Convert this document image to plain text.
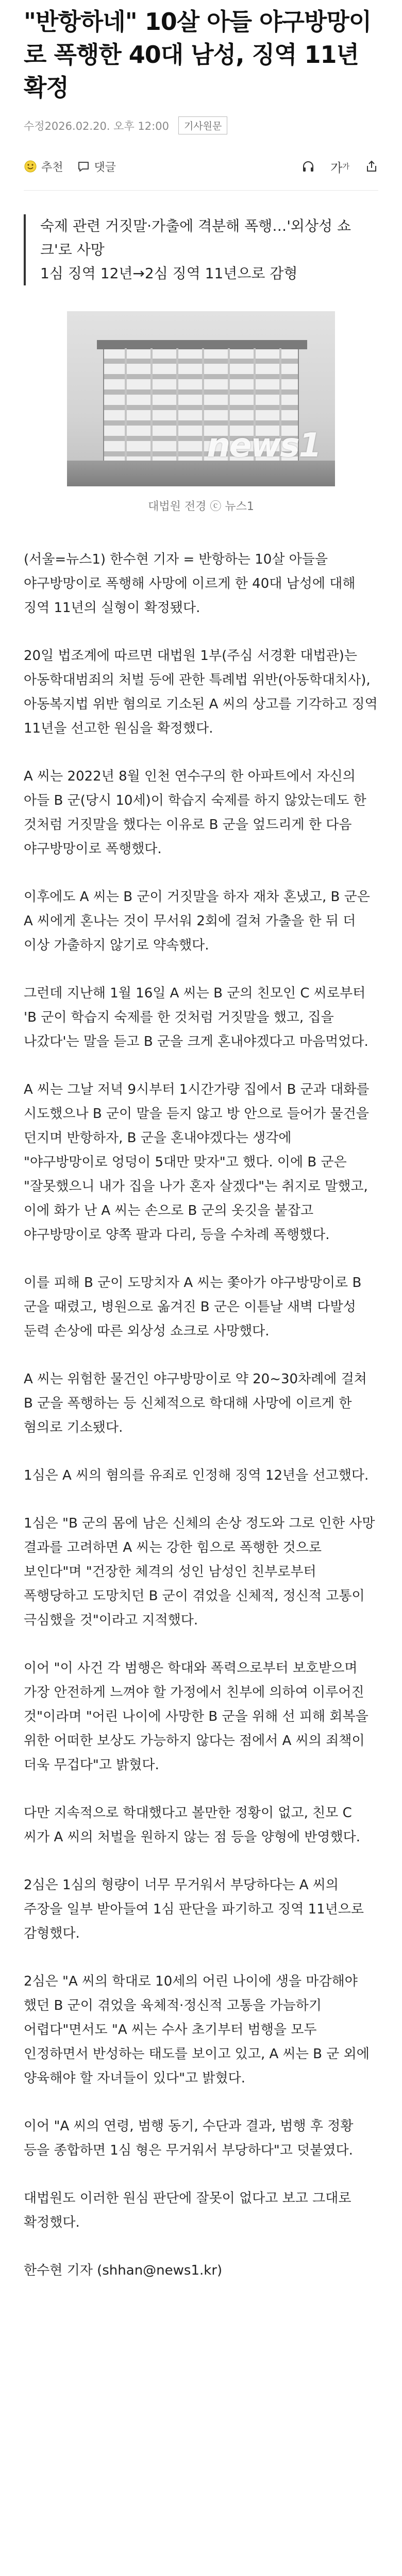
"반항하네" 10살 아들 야구방망이로 폭행한 40대 남성, 징역 11년 확정
수정2026.02.20. 오후 12:00	기사원문
추천	댓글	가 가

숙제 관련 거짓말·가출에 격분해 폭행…'외상성 쇼크'로 사망

1심 징역 12년→2심 징역 11년으로 감형

news1
대법원 전경 ⓒ 뉴스1

(서울=뉴스1) 한수현 기자 = 반항하는 10살 아들을 야구방망이로 폭행해 사망에 이르게 한 40대 남성에 대해 징역 11년의 실형이 확정됐다.

20일 법조계에 따르면 대법원 1부(주심 서경환 대법관)는 아동학대범죄의 처벌 등에 관한 특례법 위반(아동학대치사), 아동복지법 위반 혐의로 기소된 A 씨의 상고를 기각하고 징역 11년을 선고한 원심을 확정했다.

A 씨는 2022년 8월 인천 연수구의 한 아파트에서 자신의 아들 B 군(당시 10세)이 학습지 숙제를 하지 않았는데도 한 것처럼 거짓말을 했다는 이유로 B 군을 엎드리게 한 다음 야구방망이로 폭행했다.

이후에도 A 씨는 B 군이 거짓말을 하자 재차 혼냈고, B 군은 A 씨에게 혼나는 것이 무서워 2회에 걸쳐 가출을 한 뒤 더 이상 가출하지 않기로 약속했다.

그런데 지난해 1월 16일 A 씨는 B 군의 친모인 C 씨로부터 'B 군이 학습지 숙제를 한 것처럼 거짓말을 했고, 집을 나갔다'는 말을 듣고 B 군을 크게 혼내야겠다고 마음먹었다.

A 씨는 그날 저녁 9시부터 1시간가량 집에서 B 군과 대화를 시도했으나 B 군이 말을 듣지 않고 방 안으로 들어가 물건을 던지며 반항하자, B 군을 혼내야겠다는 생각에 "야구방망이로 엉덩이 5대만 맞자"고 했다. 이에 B 군은 "잘못했으니 내가 집을 나가 혼자 살겠다"는 취지로 말했고, 이에 화가 난 A 씨는 손으로 B 군의 옷깃을 붙잡고 야구방망이로 양쪽 팔과 다리, 등을 수차례 폭행했다.

이를 피해 B 군이 도망치자 A 씨는 쫓아가 야구방망이로 B 군을 때렸고, 병원으로 옮겨진 B 군은 이튿날 새벽 다발성 둔력 손상에 따른 외상성 쇼크로 사망했다.

A 씨는 위험한 물건인 야구방망이로 약 20~30차례에 걸쳐 B 군을 폭행하는 등 신체적으로 학대해 사망에 이르게 한 혐의로 기소됐다.

1심은 A 씨의 혐의를 유죄로 인정해 징역 12년을 선고했다.

1심은 "B 군의 몸에 남은 신체의 손상 정도와 그로 인한 사망 결과를 고려하면 A 씨는 강한 힘으로 폭행한 것으로 보인다"며 "건장한 체격의 성인 남성인 친부로부터 폭행당하고 도망치던 B 군이 겪었을 신체적, 정신적 고통이 극심했을 것"이라고 지적했다.

이어 "이 사건 각 범행은 학대와 폭력으로부터 보호받으며 가장 안전하게 느껴야 할 가정에서 친부에 의하여 이루어진 것"이라며 "어린 나이에 사망한 B 군을 위해 선 피해 회복을 위한 어떠한 보상도 가능하지 않다는 점에서 A 씨의 죄책이 더욱 무겁다"고 밝혔다.

다만 지속적으로 학대했다고 볼만한 정황이 없고, 친모 C 씨가 A 씨의 처벌을 원하지 않는 점 등을 양형에 반영했다.

2심은 1심의 형량이 너무 무거워서 부당하다는 A 씨의 주장을 일부 받아들여 1심 판단을 파기하고 징역 11년으로 감형했다.

2심은 "A 씨의 학대로 10세의 어린 나이에 생을 마감해야 했던 B 군이 겪었을 육체적·정신적 고통을 가늠하기 어렵다"면서도 "A 씨는 수사 초기부터 범행을 모두 인정하면서 반성하는 태도를 보이고 있고, A 씨는 B 군 외에 양육해야 할 자녀들이 있다"고 밝혔다.

이어 "A 씨의 연령, 범행 동기, 수단과 결과, 범행 후 정황 등을 종합하면 1심 형은 무거워서 부당하다"고 덧붙였다.

대법원도 이러한 원심 판단에 잘못이 없다고 보고 그대로 확정했다.

한수현 기자 (shhan@news1.kr)
